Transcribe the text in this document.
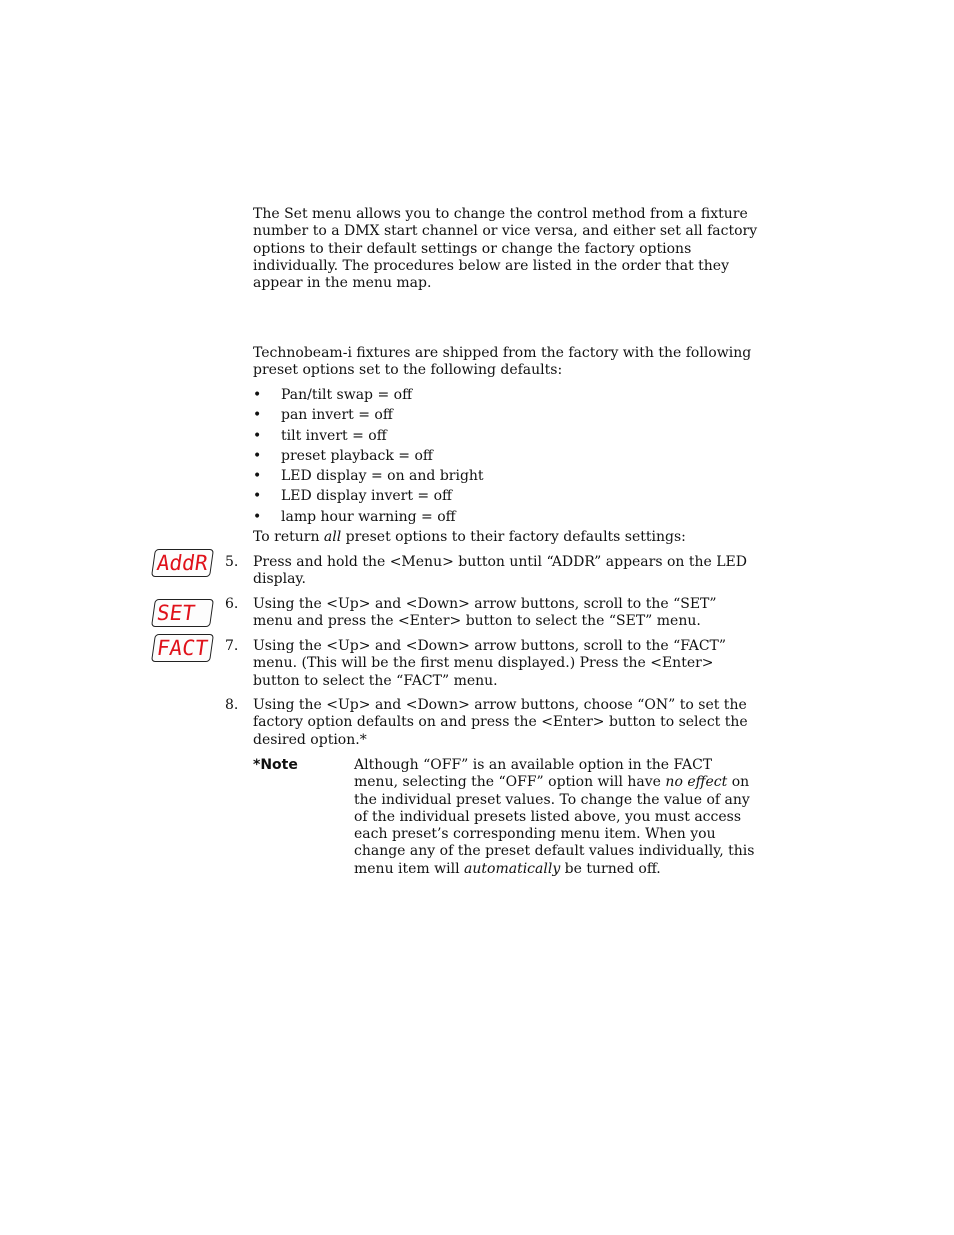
The Set menu allows you to change the control method from a fixture number to a DMX start channel or vice versa, and either set all factory options to their default settings or change the factory options individually. The procedures below are listed in the order that they appear in the menu map.
Technobeam-i fixtures are shipped from the factory with the following preset options set to the following defaults:
• Pan/tilt swap = off
• pan invert = off
• tilt invert = off
• preset playback = off
• LED display = on and bright
• LED display invert = off
• lamp hour warning = off
To return all preset options to their factory defaults settings:
AddR
SET
FACT
5. Press and hold the <Menu> button until “ADDR” appears on the LED display.
6. Using the <Up> and <Down> arrow buttons, scroll to the “SET” menu and press the <Enter> button to select the “SET” menu.
7. Using the <Up> and <Down> arrow buttons, scroll to the “FACT” menu. (This will be the first menu displayed.) Press the <Enter> button to select the “FACT” menu.
8. Using the <Up> and <Down> arrow buttons, choose “ON” to set the factory option defaults on and press the <Enter> button to select the desired option.*
*Note	Although “OFF” is an available option in the FACT menu, selecting the “OFF” option will have no effect on the individual preset values. To change the value of any of the individual presets listed above, you must access each preset’s corresponding menu item. When you change any of the preset default values individually, this menu item will automatically be turned off.
